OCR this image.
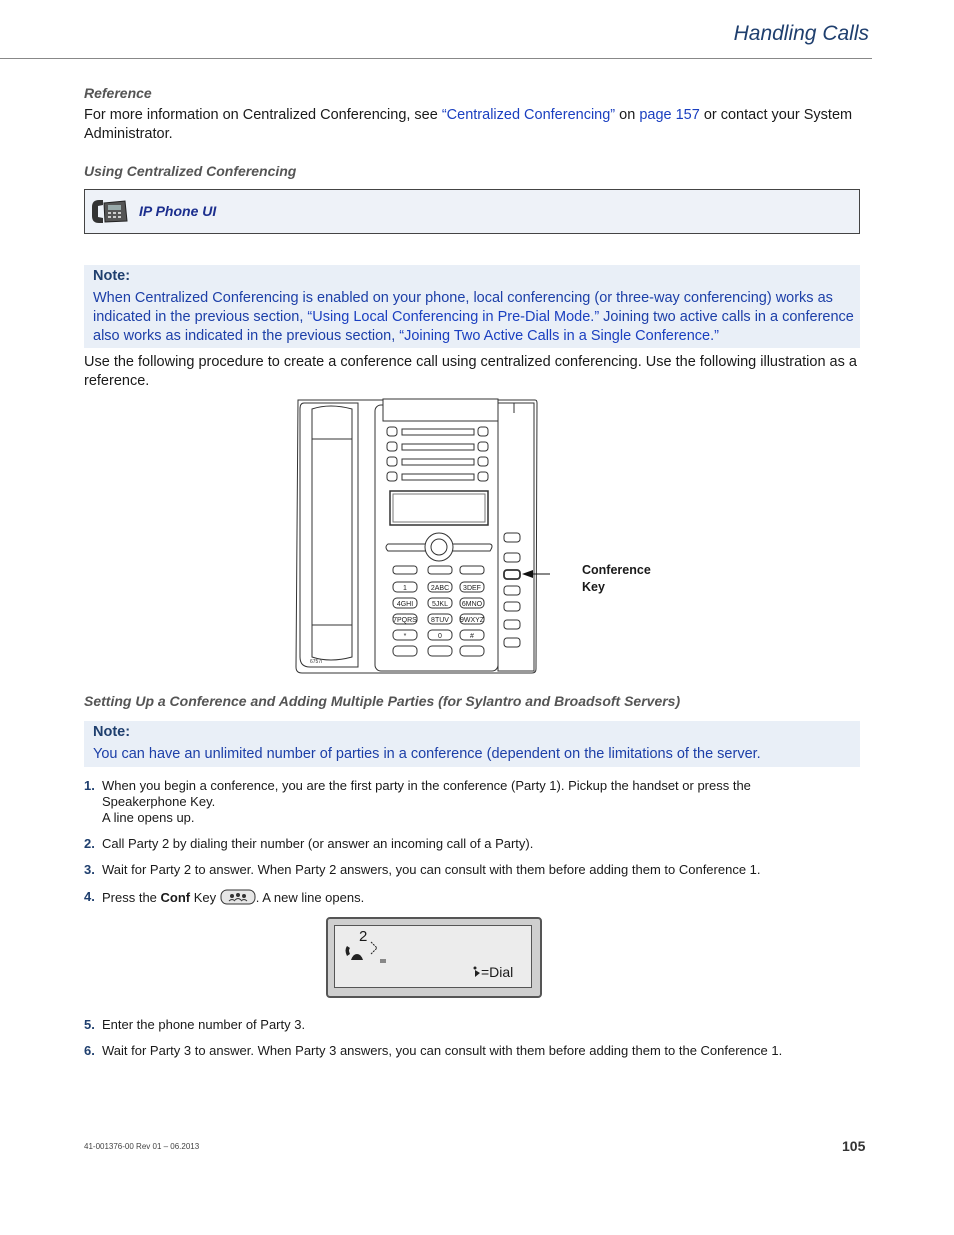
Handling Calls
Reference
For more information on Centralized Conferencing, see “Centralized Conferencing” on page 157 or contact your System
Administrator.
Using Centralized Conferencing
IP Phone UI
Note:
When Centralized Conferencing is enabled on your phone, local conferencing (or three-way conferencing) works as
indicated in the previous section, “Using Local Conferencing in Pre-Dial Mode.” Joining two active calls in a conference
also works as indicated in the previous section, “Joining Two Active Calls in a Single Conference.”
Use the following procedure to create a conference call using centralized conferencing. Use the following illustration as a
reference.
6757i
1	2ABC 3DEF
4GHI	5JKL 6MNO
7PQRS 8TUV 9WXYZ
*	0	#
Conference
Key
Setting Up a Conference and Adding Multiple Parties (for Sylantro and Broadsoft Servers)
Note:
You can have an unlimited number of parties in a conference (dependent on the limitations of the server.
1. When you begin a conference, you are the first party in the conference (Party 1). Pickup the handset or press the
Speakerphone Key.
A line opens up.
2. Call Party 2 by dialing their number (or answer an incoming call of a Party).
3. Wait for Party 2 to answer. When Party 2 answers, you can consult with them before adding them to Conference 1.
4. Press the Conf Key	. A new line opens.
2
=Dial
5. Enter the phone number of Party 3.
6. Wait for Party 3 to answer. When Party 3 answers, you can consult with them before adding them to the Conference 1.
41-001376-00 Rev 01 – 06.2013	105
